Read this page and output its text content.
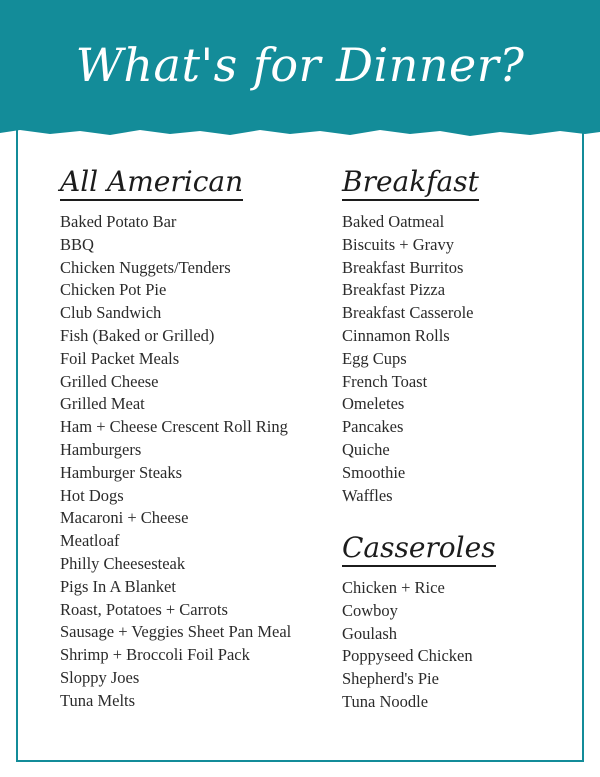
What's for Dinner?
All American
Baked Potato Bar
BBQ
Chicken Nuggets/Tenders
Chicken Pot Pie
Club Sandwich
Fish (Baked or Grilled)
Foil Packet Meals
Grilled Cheese
Grilled Meat
Ham + Cheese Crescent Roll Ring
Hamburgers
Hamburger Steaks
Hot Dogs
Macaroni + Cheese
Meatloaf
Philly Cheesesteak
Pigs In A Blanket
Roast, Potatoes + Carrots
Sausage + Veggies Sheet Pan Meal
Shrimp + Broccoli Foil Pack
Sloppy Joes
Tuna Melts
Breakfast
Baked Oatmeal
Biscuits + Gravy
Breakfast Burritos
Breakfast Pizza
Breakfast Casserole
Cinnamon Rolls
Egg Cups
French Toast
Omeletes
Pancakes
Quiche
Smoothie
Waffles
Casseroles
Chicken + Rice
Cowboy
Goulash
Poppyseed Chicken
Shepherd's Pie
Tuna Noodle
